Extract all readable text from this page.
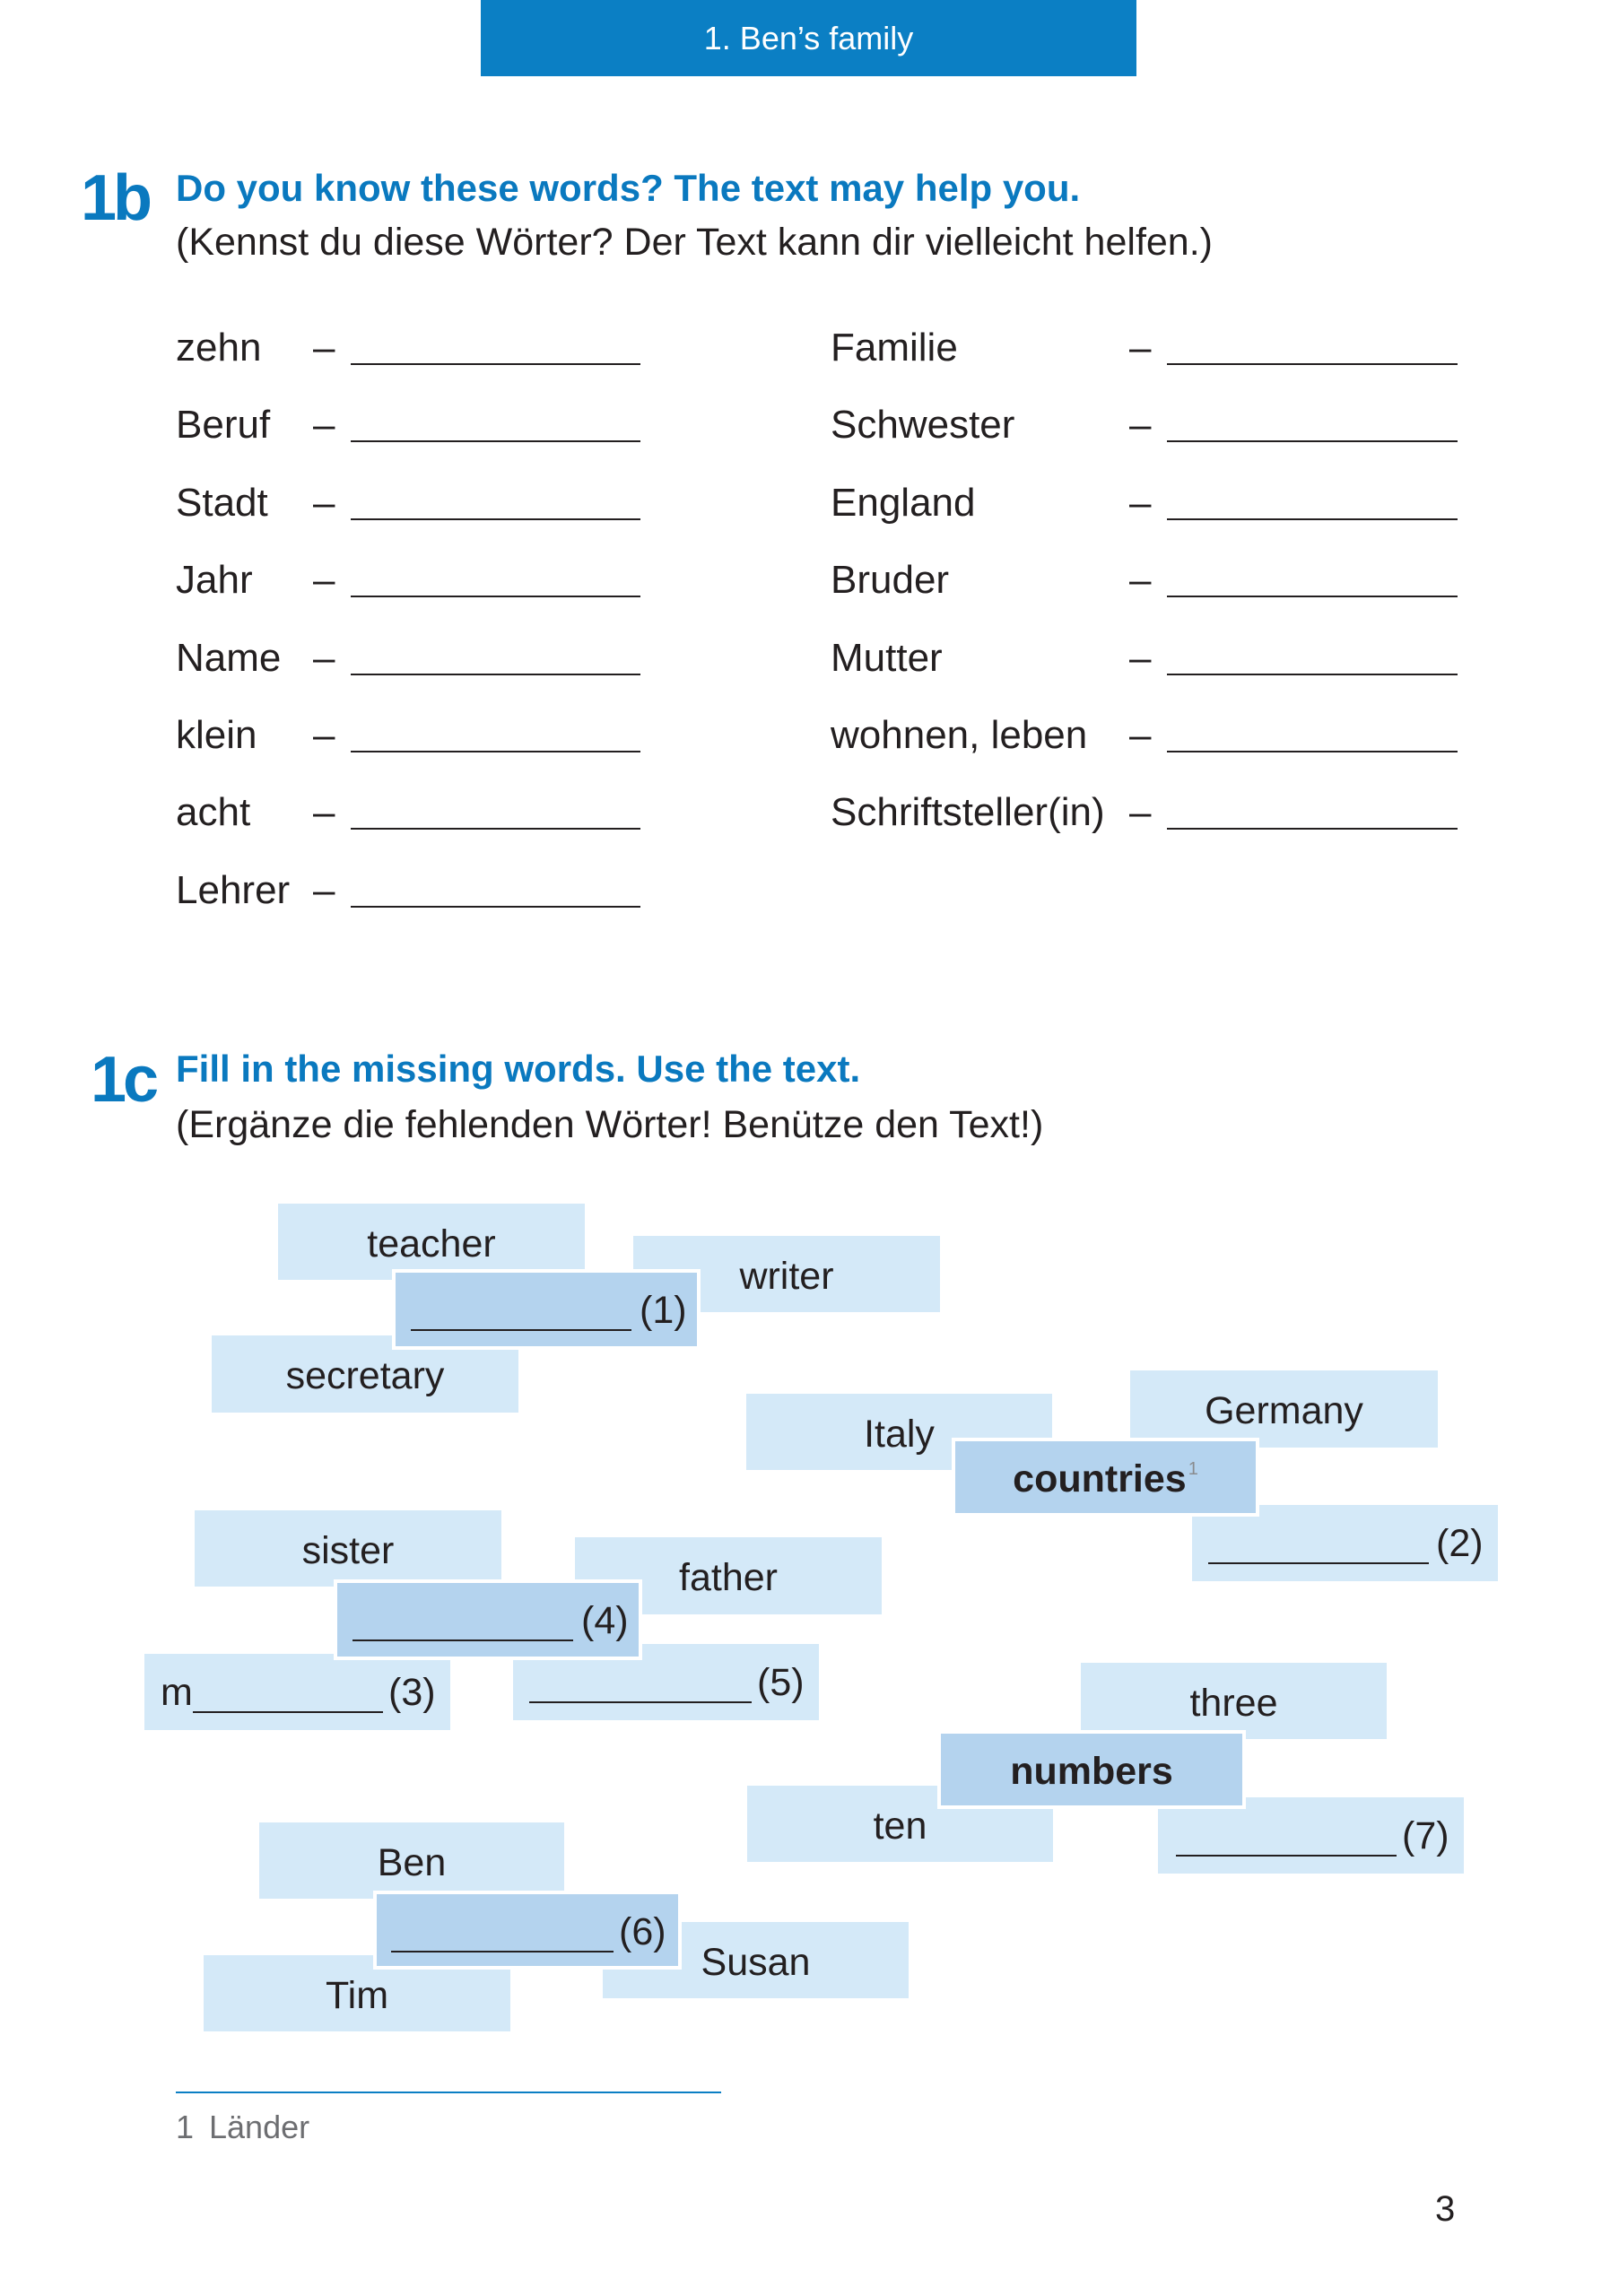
1. Ben’s family
1b Do you know these words? The text may help you.
(Kennst du diese Wörter? Der Text kann dir vielleicht helfen.)
zehn –
Beruf –
Stadt –
Jahr –
Name –
klein –
acht –
Lehrer –
Familie	–
Schwester	–
England	–
Bruder	–
Mutter	–
wohnen, leben –
Schriftsteller(in) –
1c Fill in the missing words. Use the text.
(Ergänze die fehlenden Wörter! Benütze den Text!)
teacher
writer
secretary
Italy
Germany
sister
father
three
ten
Ben
Susan
Tim
(2)
m	(3)	(5)
(7)
(1)
countries $^1$
(4)
numbers
(6)
1 Länder
3
